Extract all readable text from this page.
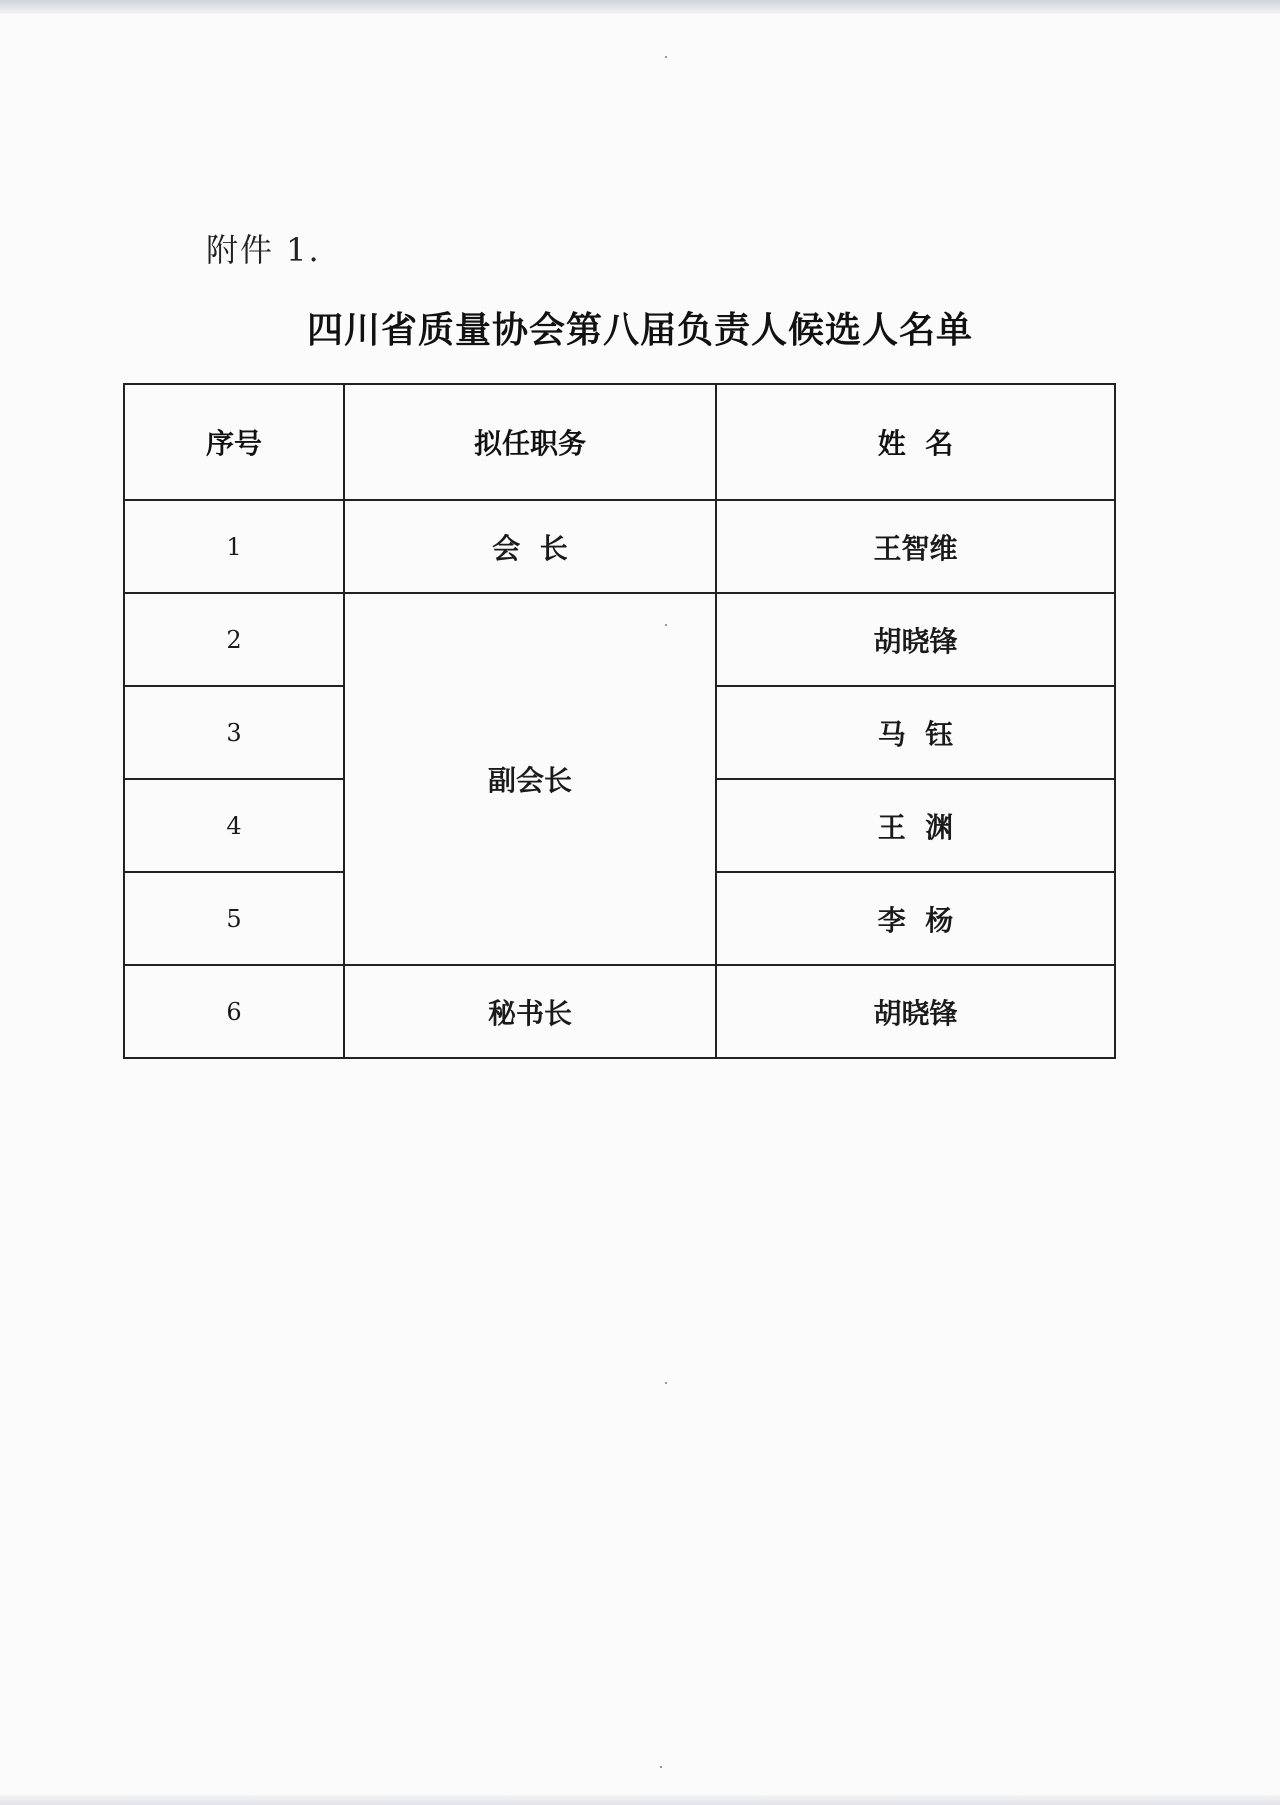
附件 1.
四川省质量协会第八届负责人候选人名单
序号	拟任职务	姓  名
1	会  长	王智维
2	副会长	胡晓锋
3		马  钰
4		王  渊
5		李  杨
6	秘书长	胡晓锋
